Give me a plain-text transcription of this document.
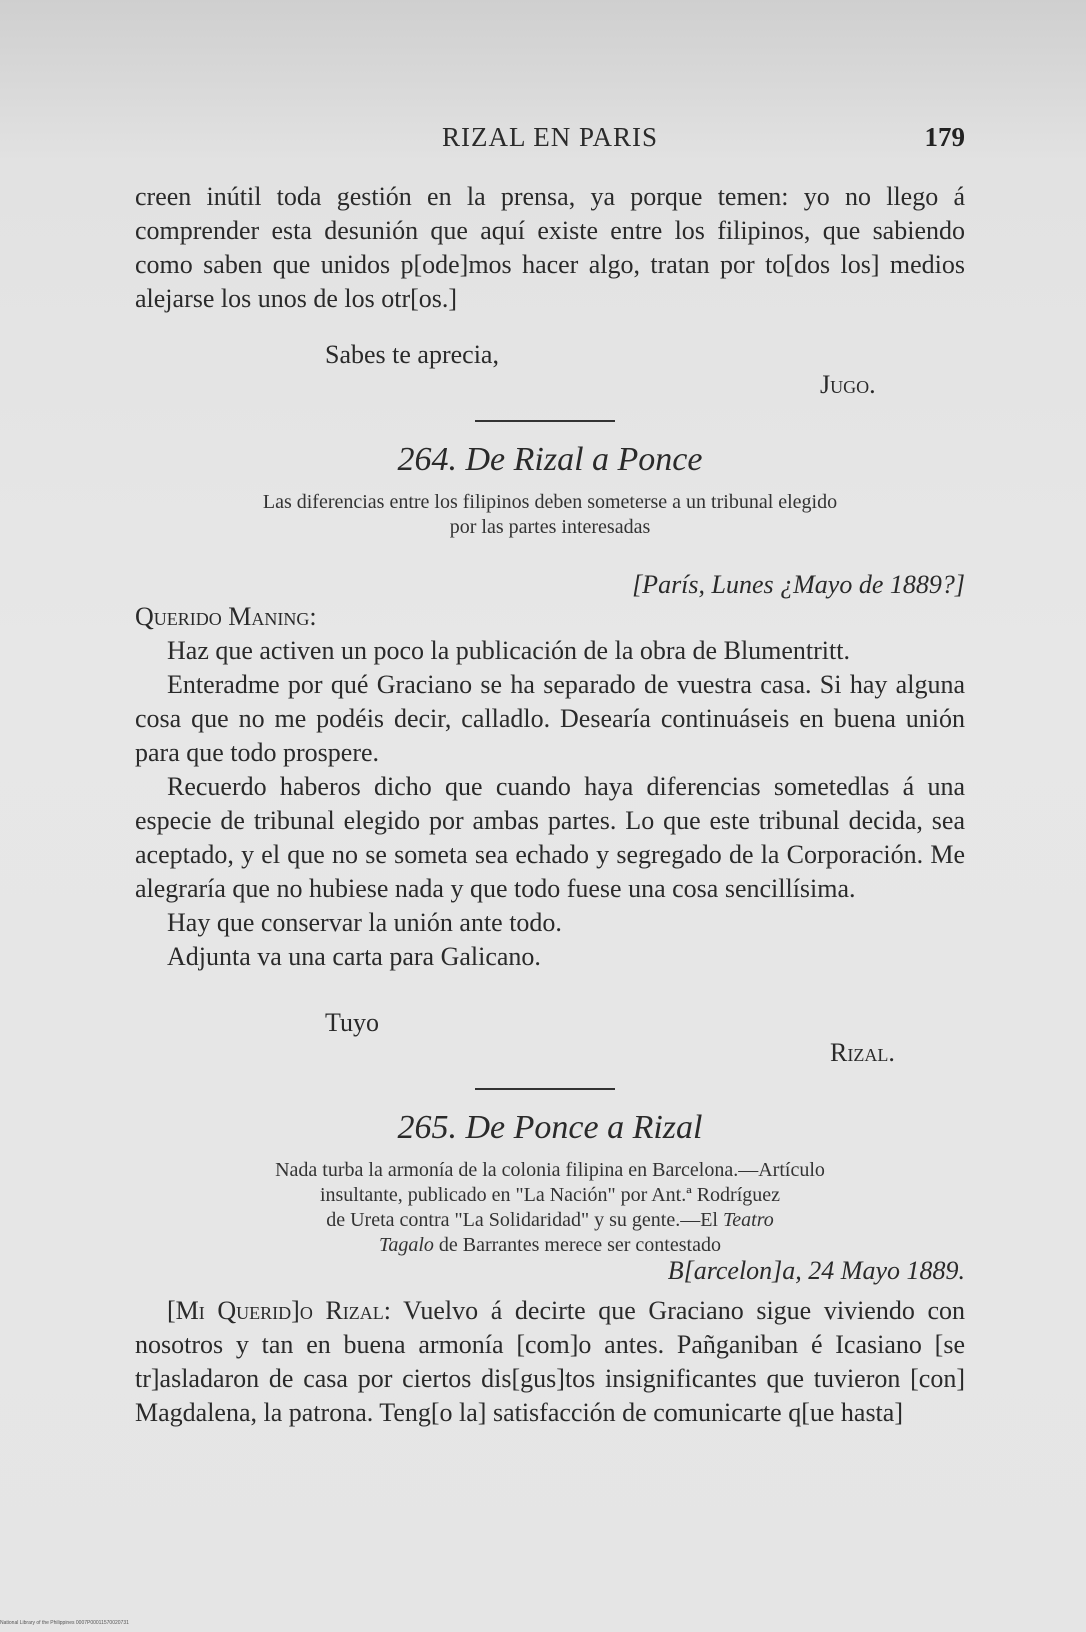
RIZAL EN PARIS	179

creen inútil toda gestión en la prensa, ya porque temen: yo no llego á comprender esta desunión que aquí existe entre los filipinos, que sabiendo como saben que unidos p[ode]mos hacer algo, tratan por to[dos los] medios alejarse los unos de los otr[os.]

Sabes te aprecia,
Jugo.
264. De Rizal a Ponce
Las diferencias entre los filipinos deben someterse a un tribunal elegido
por las partes interesadas
[París, Lunes ¿Mayo de 1889?]

Querido Maning:

Haz que activen un poco la publicación de la obra de Blumentritt.

Enteradme por qué Graciano se ha separado de vuestra casa. Si hay alguna cosa que no me podéis decir, calladlo. Desearía continuáseis en buena unión para que todo prospere.

Recuerdo haberos dicho que cuando haya diferencias sometedlas á una especie de tribunal elegido por ambas partes. Lo que este tribunal decida, sea aceptado, y el que no se someta sea echado y segregado de la Corporación. Me alegraría que no hubiese nada y que todo fuese una cosa sencillísima.

Hay que conservar la unión ante todo.

Adjunta va una carta para Galicano.

Tuyo
Rizal.
265. De Ponce a Rizal
Nada turba la armonía de la colonia filipina en Barcelona.—Artículo
insultante, publicado en "La Nación" por Ant.ª Rodríguez
de Ureta contra "La Solidaridad" y su gente.—El Teatro
Tagalo de Barrantes merece ser contestado
B[arcelon]a, 24 Mayo 1889.

[Mi Querid]o Rizal: Vuelvo á decirte que Graciano sigue viviendo con nosotros y tan en buena armonía [com]o antes. Pañganiban é Icasiano [se tr]asladaron de casa por ciertos dis[gus]tos insignificantes que tuvieron [con] Magdalena, la patrona. Teng[o la] satisfacción de comunicarte q[ue hasta]

National Library of the Philippines 0007P00011570020731
